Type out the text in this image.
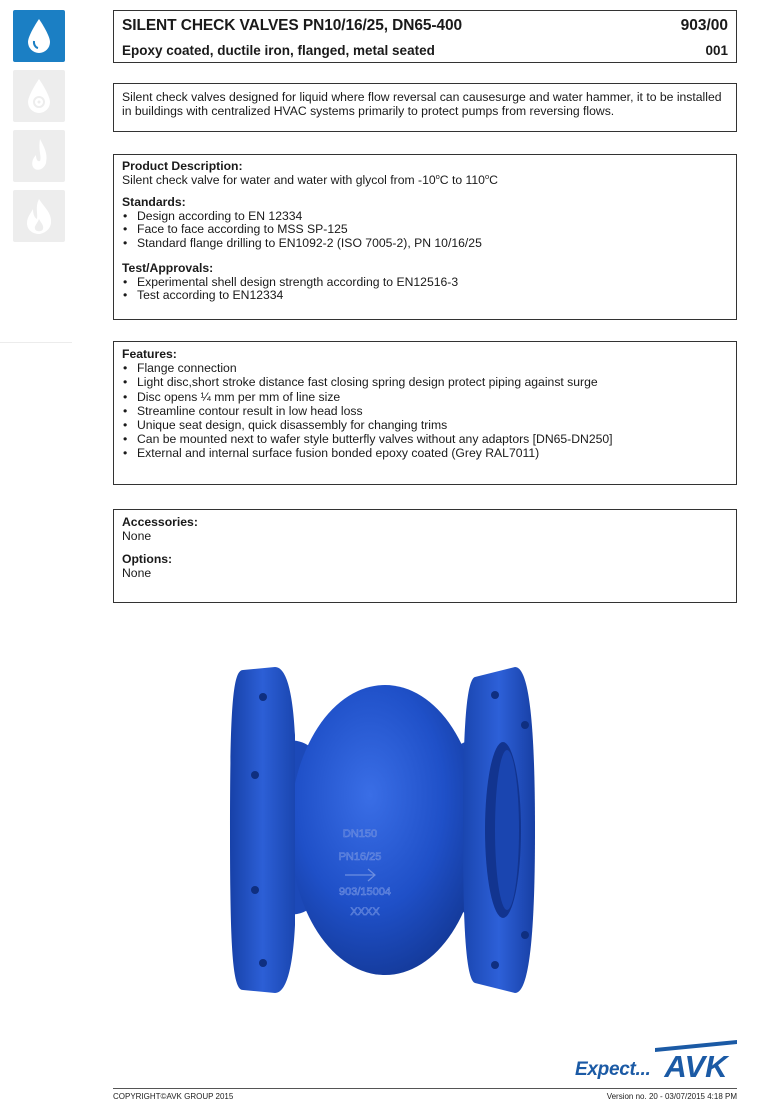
SILENT CHECK VALVES PN10/16/25, DN65-400	903/00
Epoxy coated, ductile iron, flanged, metal seated	001
Silent check valves designed for liquid where flow reversal can causesurge and water hammer, it to be installed in buildings with centralized HVAC systems primarily to protect pumps from reversing flows.
Product Description:
Silent check valve for water and water with glycol from -10$^o$C to 110$^o$C
Standards:
• Design according to EN 12334
• Face to face according to MSS SP-125
• Standard flange drilling to EN1092-2 (ISO 7005-2), PN 10/16/25
Test/Approvals:
• Experimental shell design strength according to EN12516-3
• Test according to EN12334
Features:
• Flange connection
• Light disc,short stroke distance fast closing spring design protect piping against surge
• Disc opens ¼ mm per mm of line size
• Streamline contour result in low head loss
• Unique seat design, quick disassembly for changing trims
• Can be mounted next to wafer style butterfly valves without any adaptors [DN65-DN250]
• External and internal surface fusion bonded epoxy coated (Grey RAL7011)
Accessories:
None
Options:
None
DN150
PN16/25
903/15004
XXXX
Expect... AVK
COPYRIGHT©AVK GROUP 2015	Version no. 20 - 03/07/2015 4:18 PM
